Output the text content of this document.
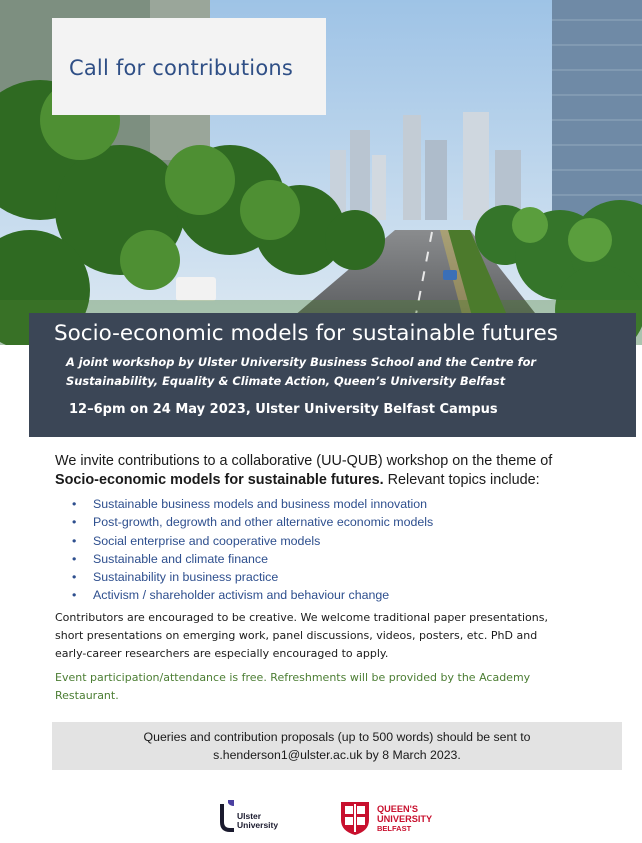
Call for contributions
Socio-economic models for sustainable futures
A joint workshop by Ulster University Business School and the Centre for
Sustainability, Equality & Climate Action, Queen’s University Belfast
12–6pm on 24 May 2023, Ulster University Belfast Campus
We invite contributions to a collaborative (UU-QUB) workshop on the theme of
Socio-economic models for sustainable futures. Relevant topics include:
• Sustainable business models and business model innovation
• Post-growth, degrowth and other alternative economic models
• Social enterprise and cooperative models
• Sustainable and climate finance
• Sustainability in business practice
• Activism / shareholder activism and behaviour change
Contributors are encouraged to be creative. We welcome traditional paper presentations,
short presentations on emerging work, panel discussions, videos, posters, etc. PhD and
early-career researchers are especially encouraged to apply.
Event participation/attendance is free. Refreshments will be provided by the Academy
Restaurant.
Queries and contribution proposals (up to 500 words) should be sent to
s.henderson1@ulster.ac.uk by 8 March 2023.
Ulster
University
QUEEN'S
UNIVERSITY
BELFAST
